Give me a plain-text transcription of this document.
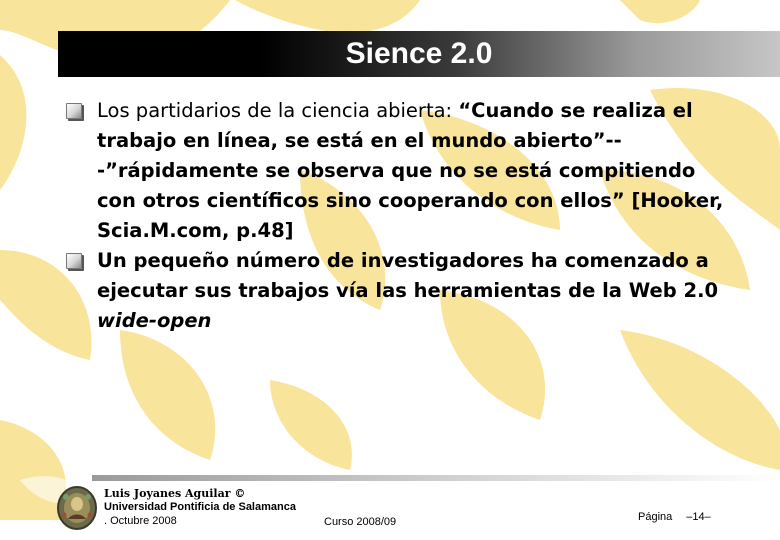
Sience 2.0

Los partidarios de la ciencia abierta: “Cuando se realiza el trabajo en línea, se está en el mundo abierto”---”rápidamente se observa que no se está compitiendo con otros científicos sino cooperando con ellos” [Hooker, Scia.M.com, p.48]

Un pequeño número de investigadores ha comenzado a ejecutar sus trabajos vía las herramientas de la Web 2.0 wide-open

Luis Joyanes Aguilar ©
Universidad Pontificia de Salamanca
. Octubre 2008	Curso 2008/09	Página –14–
